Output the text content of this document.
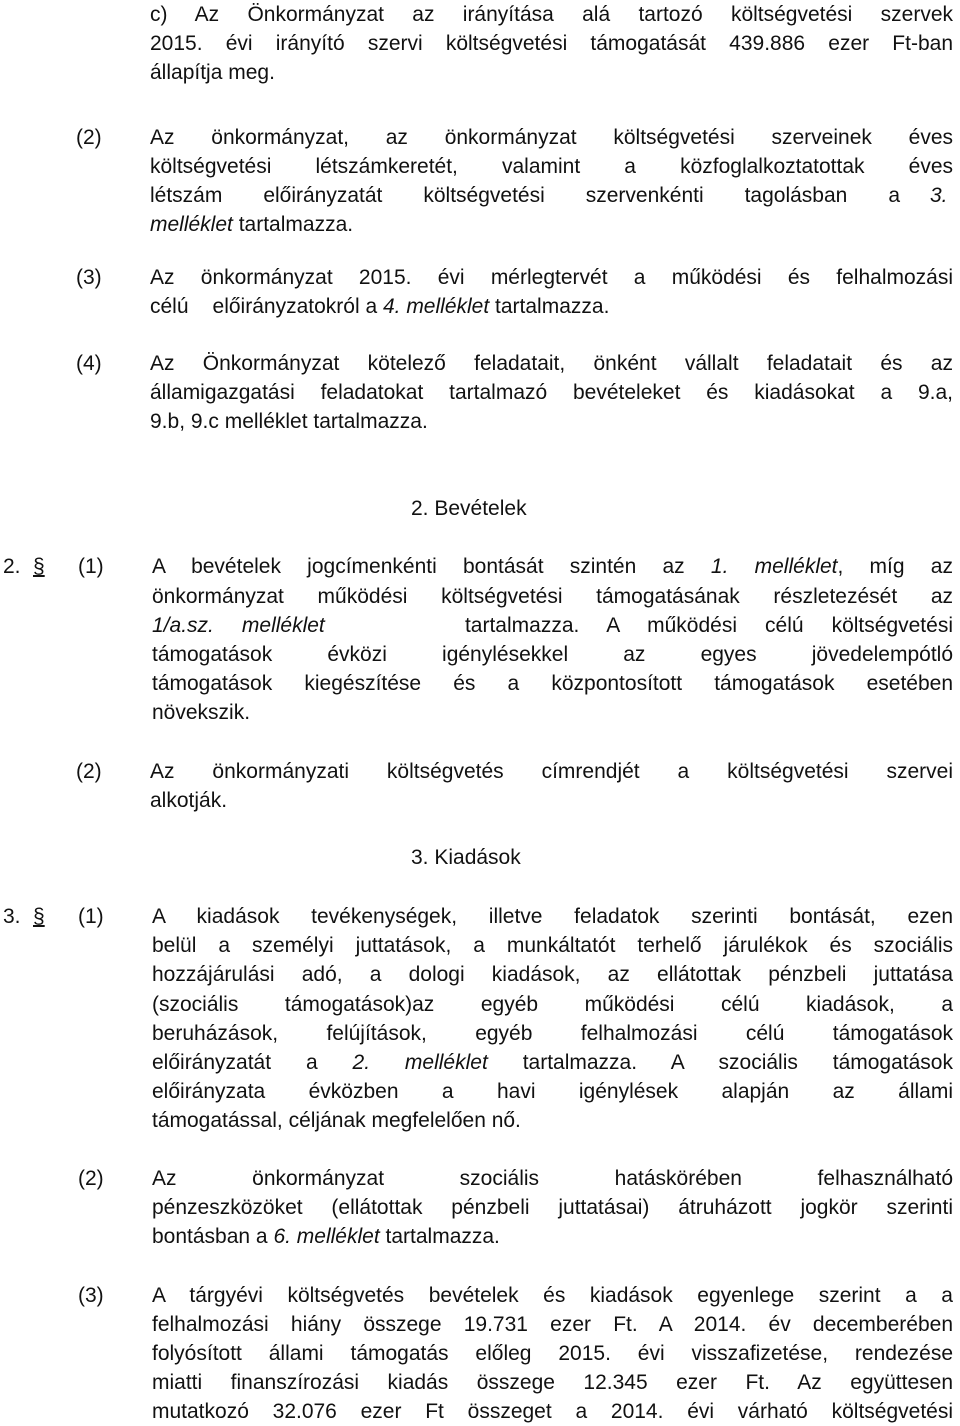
c) Az Önkormányzat az irányítása alá tartozó költségvetési szervek
2015. évi irányító szervi költségvetési támogatását 439.886 ezer Ft-ban
állapítja meg.
(2) Az önkormányzat, az önkormányzat költségvetési szerveinek éves
költségvetési létszámkeretét, valamint a közfoglalkoztatottak éves
létszám előirányzatát költségvetési szervenkénti tagolásban a 3.
melléklet tartalmazza.
(3) Az önkormányzat 2015. évi mérlegtervét a működési és felhalmozási
célú előirányzatokról a 4. melléklet tartalmazza.
(4) Az Önkormányzat kötelező feladatait, önként vállalt feladatait és az
államigazgatási feladatokat tartalmazó bevételeket és kiadásokat a 9.a,
9.b, 9.c melléklet tartalmazza.
2. Bevételek
2. § (1) A bevételek jogcímenkénti bontását szintén az 1. melléklet, míg az
önkormányzat működési költségvetési támogatásának részletezését az
1/a.sz. melléklet	tartalmazza. A működési célú költségvetési
támogatások évközi igénylésekkel az egyes jövedelempótló
támogatások kiegészítése és a központosított támogatások esetében
növekszik.
(2) Az önkormányzati költségvetés címrendjét a költségvetési szervei
alkotják.
3. Kiadások
3. § (1) A kiadások tevékenységek, illetve feladatok szerinti bontását, ezen
belül a személyi juttatások, a munkáltatót terhelő járulékok és szociális
hozzájárulási adó, a dologi kiadások, az ellátottak pénzbeli juttatása
(szociális támogatások)az egyéb működési célú kiadások, a
beruházások, felújítások, egyéb felhalmozási célú támogatások
előirányzatát a 2. melléklet tartalmazza. A szociális támogatások
előirányzata évközben a havi igénylések alapján az állami
támogatással, céljának megfelelően nő.
(2) Az önkormányzat szociális hatáskörében felhasználható
pénzeszközöket (ellátottak pénzbeli juttatásai) átruházott jogkör szerinti
bontásban a 6. melléklet tartalmazza.
(3) A tárgyévi költségvetés bevételek és kiadások egyenlege szerint a a
felhalmozási hiány összege 19.731 ezer Ft. A 2014. év decemberében
folyósított állami támogatás előleg 2015. évi visszafizetése, rendezése
miatti finanszírozási kiadás összege 12.345 ezer Ft. Az együttesen
mutatkozó 32.076 ezer Ft összeget a 2014. évi várható költségvetési
